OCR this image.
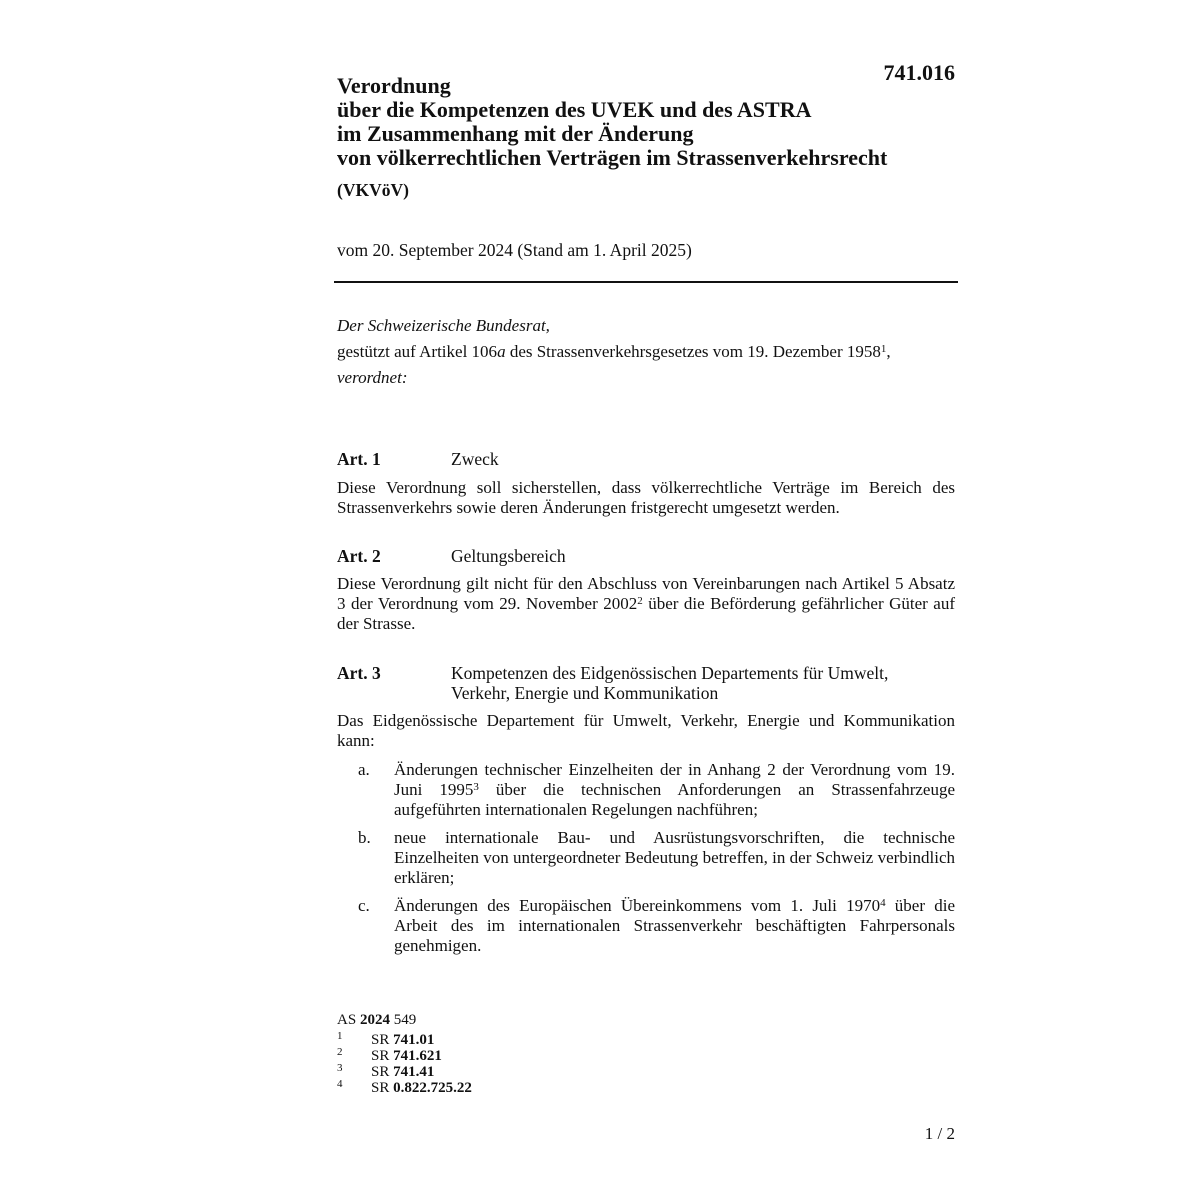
741.016
Verordnung
über die Kompetenzen des UVEK und des ASTRA
im Zusammenhang mit der Änderung
von völkerrechtlichen Verträgen im Strassenverkehrsrecht
(VKVöV)
vom 20. September 2024 (Stand am 1. April 2025)
Der Schweizerische Bundesrat,
gestützt auf Artikel 106a des Strassenverkehrsgesetzes vom 19. Dezember 1958$^1$,
verordnet:
Art. 1	Zweck
Diese Verordnung soll sicherstellen, dass völkerrechtliche Verträge im Bereich des Strassenverkehrs sowie deren Änderungen fristgerecht umgesetzt werden.
Art. 2	Geltungsbereich
Diese Verordnung gilt nicht für den Abschluss von Vereinbarungen nach Artikel 5 Absatz 3 der Verordnung vom 29. November 2002$^2$ über die Beförderung gefährlicher Güter auf der Strasse.
Art. 3	Kompetenzen des Eidgenössischen Departements für Umwelt,
Verkehr, Energie und Kommunikation
Das Eidgenössische Departement für Umwelt, Verkehr, Energie und Kommunikation kann:
a. Änderungen technischer Einzelheiten der in Anhang 2 der Verordnung vom 19. Juni 1995$^3$ über die technischen Anforderungen an Strassenfahrzeuge aufgeführten internationalen Regelungen nachführen;
b. neue internationale Bau- und Ausrüstungsvorschriften, die technische Einzelheiten von untergeordneter Bedeutung betreffen, in der Schweiz verbindlich erklären;
c. Änderungen des Europäischen Übereinkommens vom 1. Juli 1970$^4$ über die Arbeit des im internationalen Strassenverkehr beschäftigten Fahrpersonals genehmigen.
AS 2024 549
1 SR 741.01
2 SR 741.621
3 SR 741.41
4 SR 0.822.725.22
1 / 2
